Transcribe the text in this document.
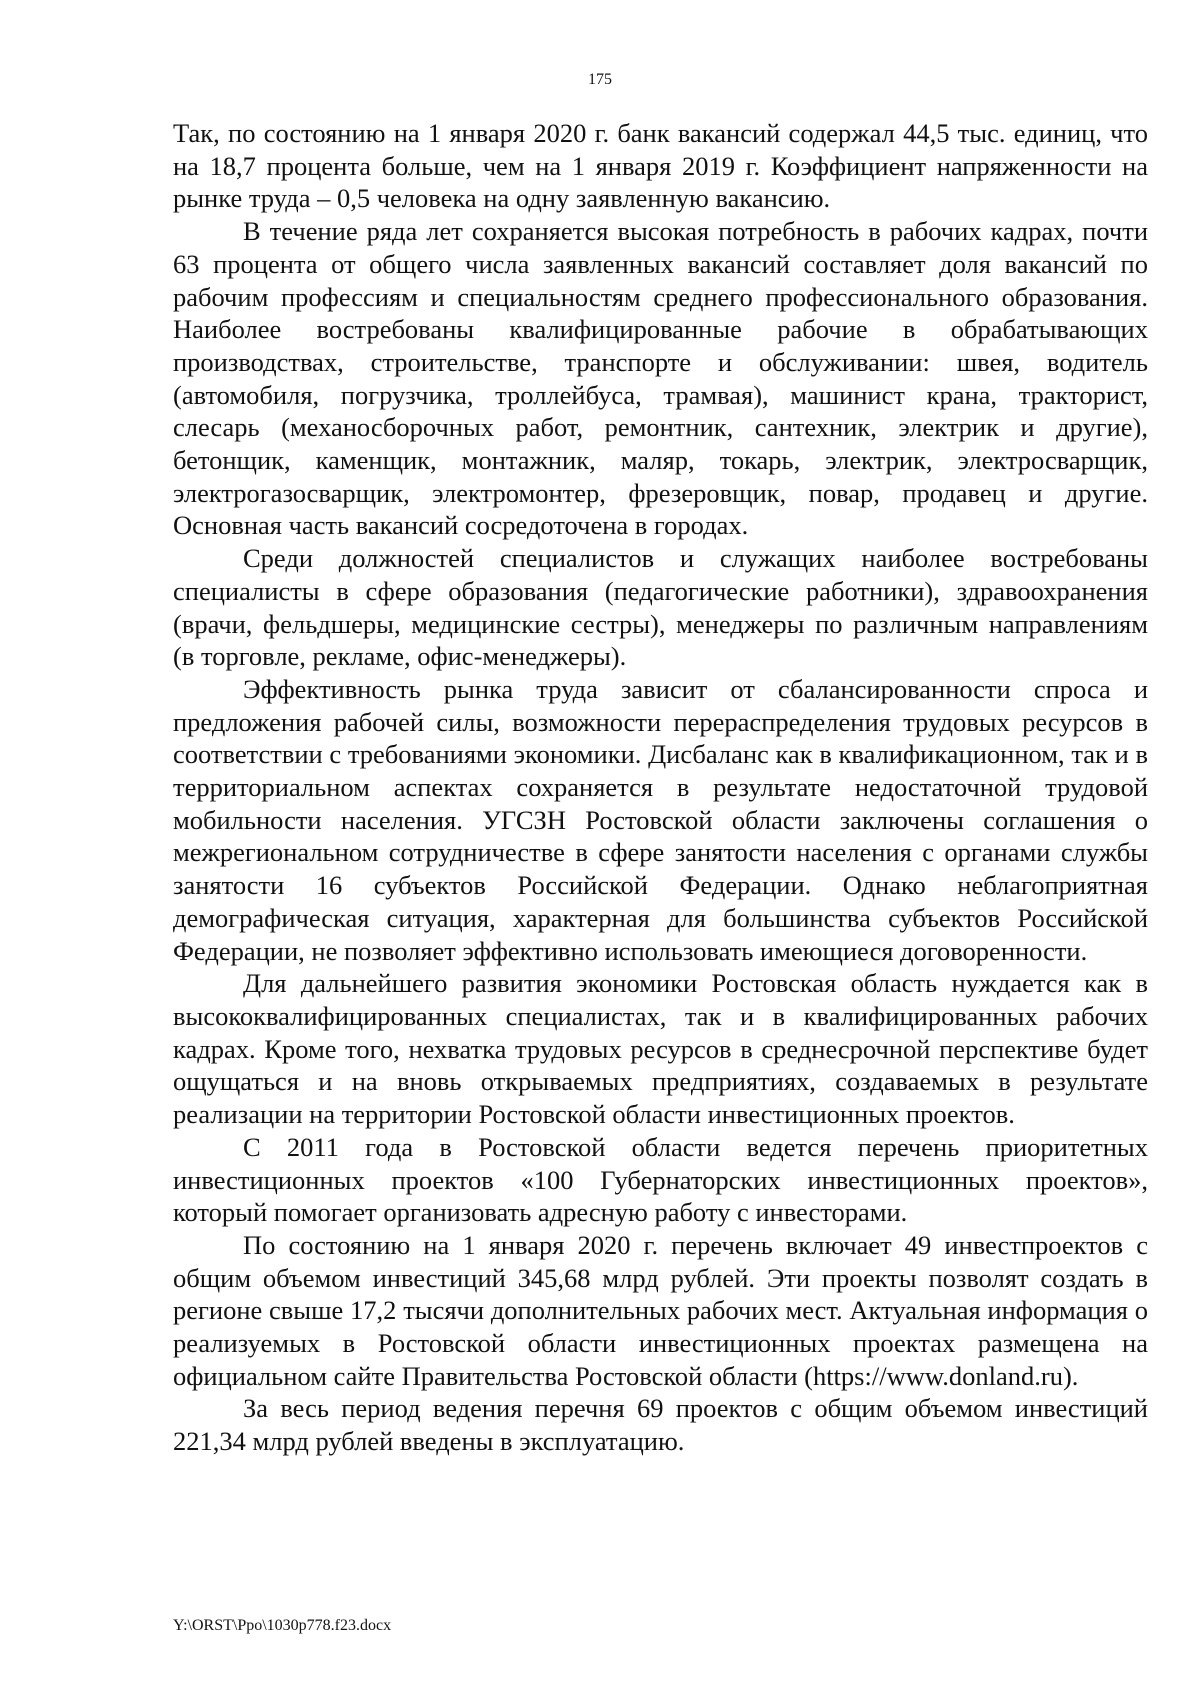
175

Так, по состоянию на 1 января 2020 г. банк вакансий содержал 44,5 тыс. единиц, что на 18,7 процента больше, чем на 1 января 2019 г. Коэффициент напряженности на рынке труда – 0,5 человека на одну заявленную вакансию.

В течение ряда лет сохраняется высокая потребность в рабочих кадрах, почти 63 процента от общего числа заявленных вакансий составляет доля вакансий по рабочим профессиям и специальностям среднего профессионального образования. Наиболее востребованы квалифицированные рабочие в обрабатывающих производствах, строительстве, транспорте и обслуживании: швея, водитель (автомобиля, погрузчика, троллейбуса, трамвая), машинист крана, тракторист, слесарь (механосборочных работ, ремонтник, сантехник, электрик и другие), бетонщик, каменщик, монтажник, маляр, токарь, электрик, электросварщик, электрогазосварщик, электромонтер, фрезеровщик, повар, продавец и другие. Основная часть вакансий сосредоточена в городах.

Среди должностей специалистов и служащих наиболее востребованы специалисты в сфере образования (педагогические работники), здравоохранения (врачи, фельдшеры, медицинские сестры), менеджеры по различным направлениям (в торговле, рекламе, офис-менеджеры).

Эффективность рынка труда зависит от сбалансированности спроса и предложения рабочей силы, возможности перераспределения трудовых ресурсов в соответствии с требованиями экономики. Дисбаланс как в квалификационном, так и в территориальном аспектах сохраняется в результате недостаточной трудовой мобильности населения. УГСЗН Ростовской области заключены соглашения о межрегиональном сотрудничестве в сфере занятости населения с органами службы занятости 16 субъектов Российской Федерации. Однако неблагоприятная демографическая ситуация, характерная для большинства субъектов Российской Федерации, не позволяет эффективно использовать имеющиеся договоренности.

Для дальнейшего развития экономики Ростовская область нуждается как в высококвалифицированных специалистах, так и в квалифицированных рабочих кадрах. Кроме того, нехватка трудовых ресурсов в среднесрочной перспективе будет ощущаться и на вновь открываемых предприятиях, создаваемых в результате реализации на территории Ростовской области инвестиционных проектов.

С 2011 года в Ростовской области ведется перечень приоритетных инвестиционных проектов «100 Губернаторских инвестиционных проектов», который помогает организовать адресную работу с инвесторами.

По состоянию на 1 января 2020 г. перечень включает 49 инвестпроектов с общим объемом инвестиций 345,68 млрд рублей. Эти проекты позволят создать в регионе свыше 17,2 тысячи дополнительных рабочих мест. Актуальная информация о реализуемых в Ростовской области инвестиционных проектах размещена на официальном сайте Правительства Ростовской области (https://www.donland.ru).

За весь период ведения перечня 69 проектов с общим объемом инвестиций 221,34 млрд рублей введены в эксплуатацию.

Y:\ORST\Ppo\1030p778.f23.docx
